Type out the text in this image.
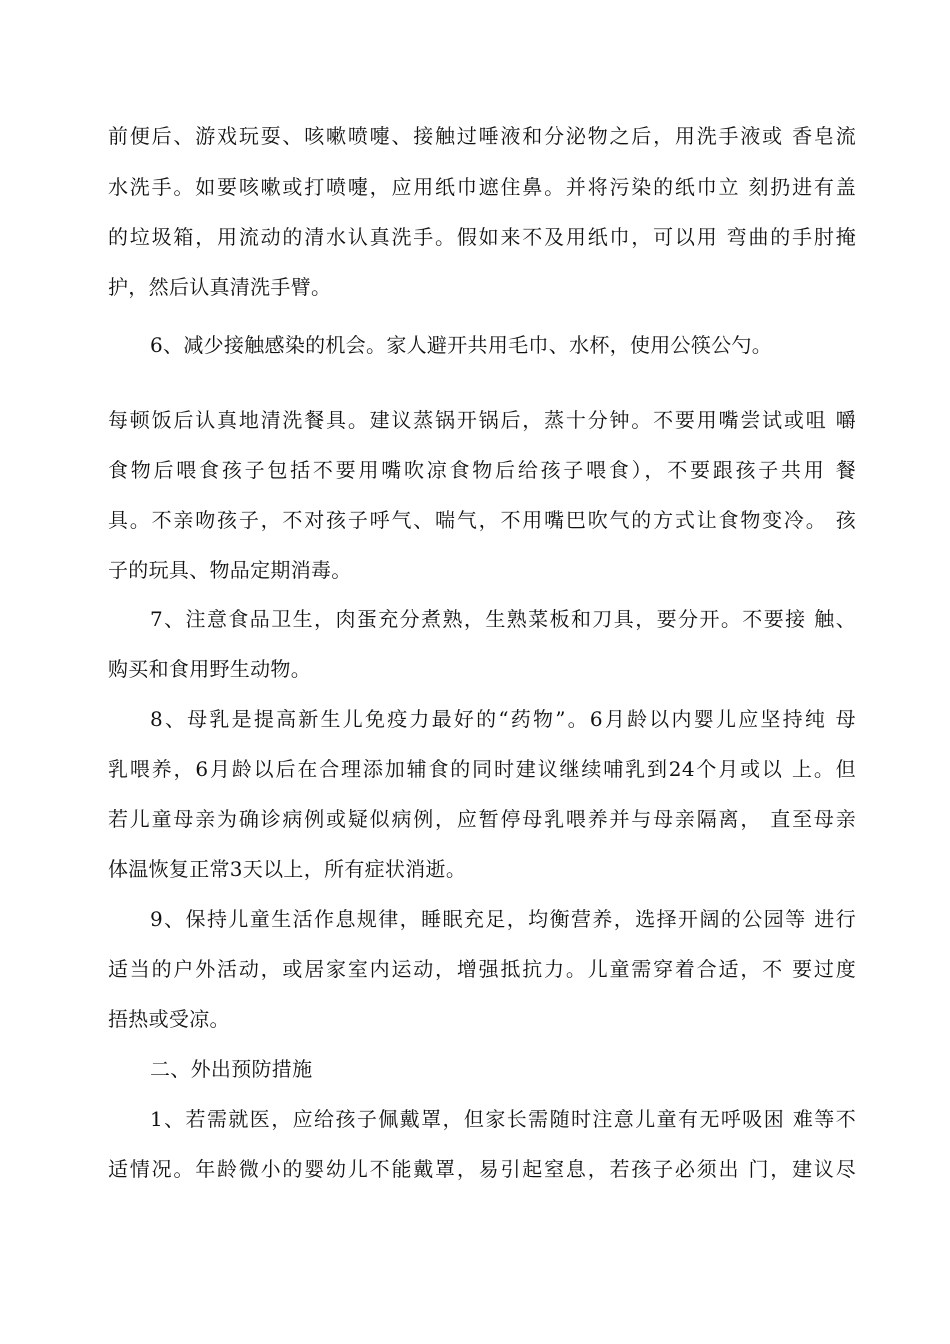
前便后、游戏玩耍、咳嗽喷嚏、接触过唾液和分泌物之后，用洗手液或 香皂流
水洗手。如要咳嗽或打喷嚏，应用纸巾遮住鼻。并将污染的纸巾立 刻扔进有盖
的垃圾箱，用流动的清水认真洗手。假如来不及用纸巾，可以用 弯曲的手肘掩
护，然后认真清洗手臂。
6、减少接触感染的机会。家人避开共用毛巾、水杯，使用公筷公勺。
每顿饭后认真地清洗餐具。建议蒸锅开锅后，蒸十分钟。不要用嘴尝试或咀 嚼
食物后喂食孩子包括不要用嘴吹凉食物后给孩子喂食），不要跟孩子共用 餐
具。不亲吻孩子，不对孩子呼气、喘气，不用嘴巴吹气的方式让食物变冷。 孩
子的玩具、物品定期消毒。
7、注意食品卫生，肉蛋充分煮熟，生熟菜板和刀具，要分开。不要接 触、
购买和食用野生动物。
8、母乳是提高新生儿免疫力最好的“药物”。6月龄以内婴儿应坚持纯 母
乳喂养，6月龄以后在合理添加辅食的同时建议继续哺乳到24个月或以 上。但
若儿童母亲为确诊病例或疑似病例，应暂停母乳喂养并与母亲隔离， 直至母亲
体温恢复正常3天以上，所有症状消逝。
9、保持儿童生活作息规律，睡眠充足，均衡营养，选择开阔的公园等 进行
适当的户外活动，或居家室内运动，增强抵抗力。儿童需穿着合适，不 要过度
捂热或受凉。
二、外出预防措施
1、若需就医，应给孩子佩戴罩，但家长需随时注意儿童有无呼吸困 难等不
适情况。年龄微小的婴幼儿不能戴罩，易引起窒息，若孩子必须出 门，建议尽
